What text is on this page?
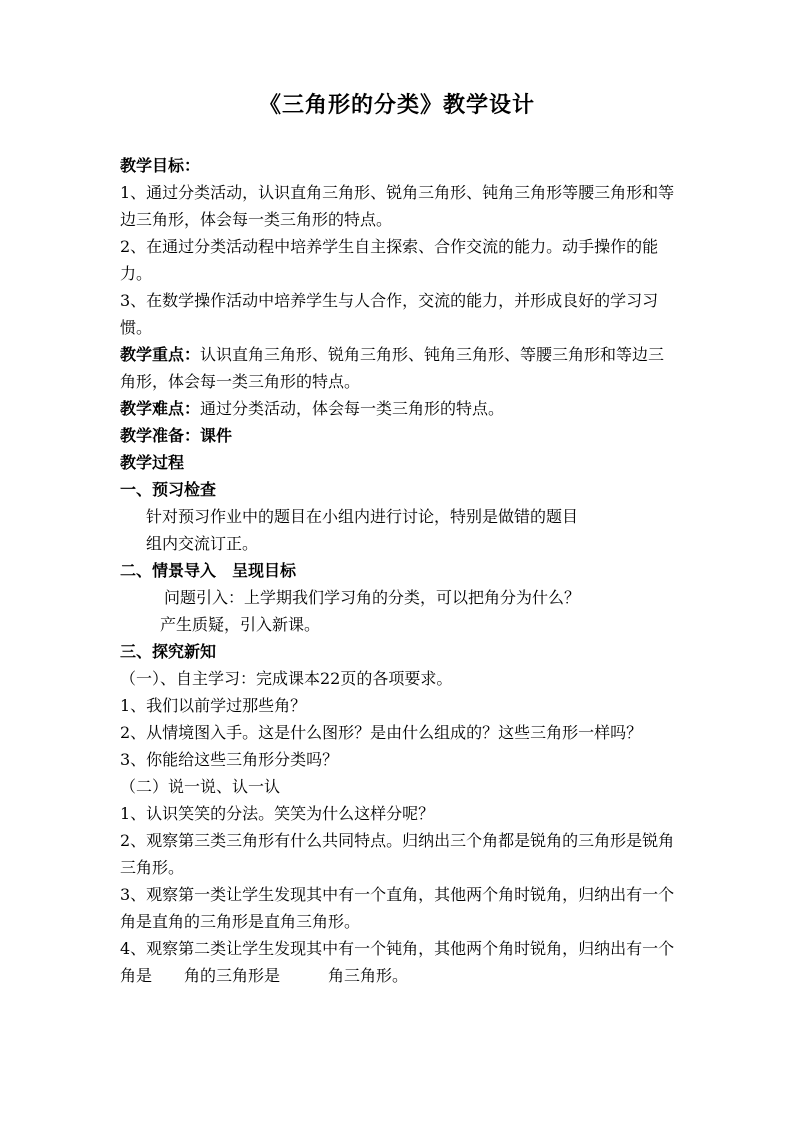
《三角形的分类》教学设计
教学目标：
1、通过分类活动，认识直角三角形、锐角三角形、钝角三角形等腰三角形和等边三角形，体会每一类三角形的特点。
2、在通过分类活动程中培养学生自主探索、合作交流的能力。动手操作的能力。
3、在数学操作活动中培养学生与人合作，交流的能力，并形成良好的学习习惯。
教学重点：认识直角三角形、锐角三角形、钝角三角形、等腰三角形和等边三角形，体会每一类三角形的特点。
教学难点：通过分类活动，体会每一类三角形的特点。
教学准备：课件
教学过程
一、预习检查
针对预习作业中的题目在小组内进行讨论，特别是做错的题目
组内交流订正。
二、情景导入　呈现目标
问题引入：上学期我们学习角的分类，可以把角分为什么？
产生质疑，引入新课。
三、探究新知
（一）、自主学习：完成课本22页的各项要求。
1、我们以前学过那些角？
2、从情境图入手。这是什么图形？是由什么组成的？这些三角形一样吗？
3、你能给这些三角形分类吗？
（二）说一说、认一认
1、认识笑笑的分法。笑笑为什么这样分呢？
2、观察第三类三角形有什么共同特点。归纳出三个角都是锐角的三角形是锐角三角形。
3、观察第一类让学生发现其中有一个直角，其他两个角时锐角，归纳出有一个角是直角的三角形是直角三角形。
4、观察第二类让学生发现其中有一个钝角，其他两个角时锐角，归纳出有一个角是　　角的三角形是　　　角三角形。
